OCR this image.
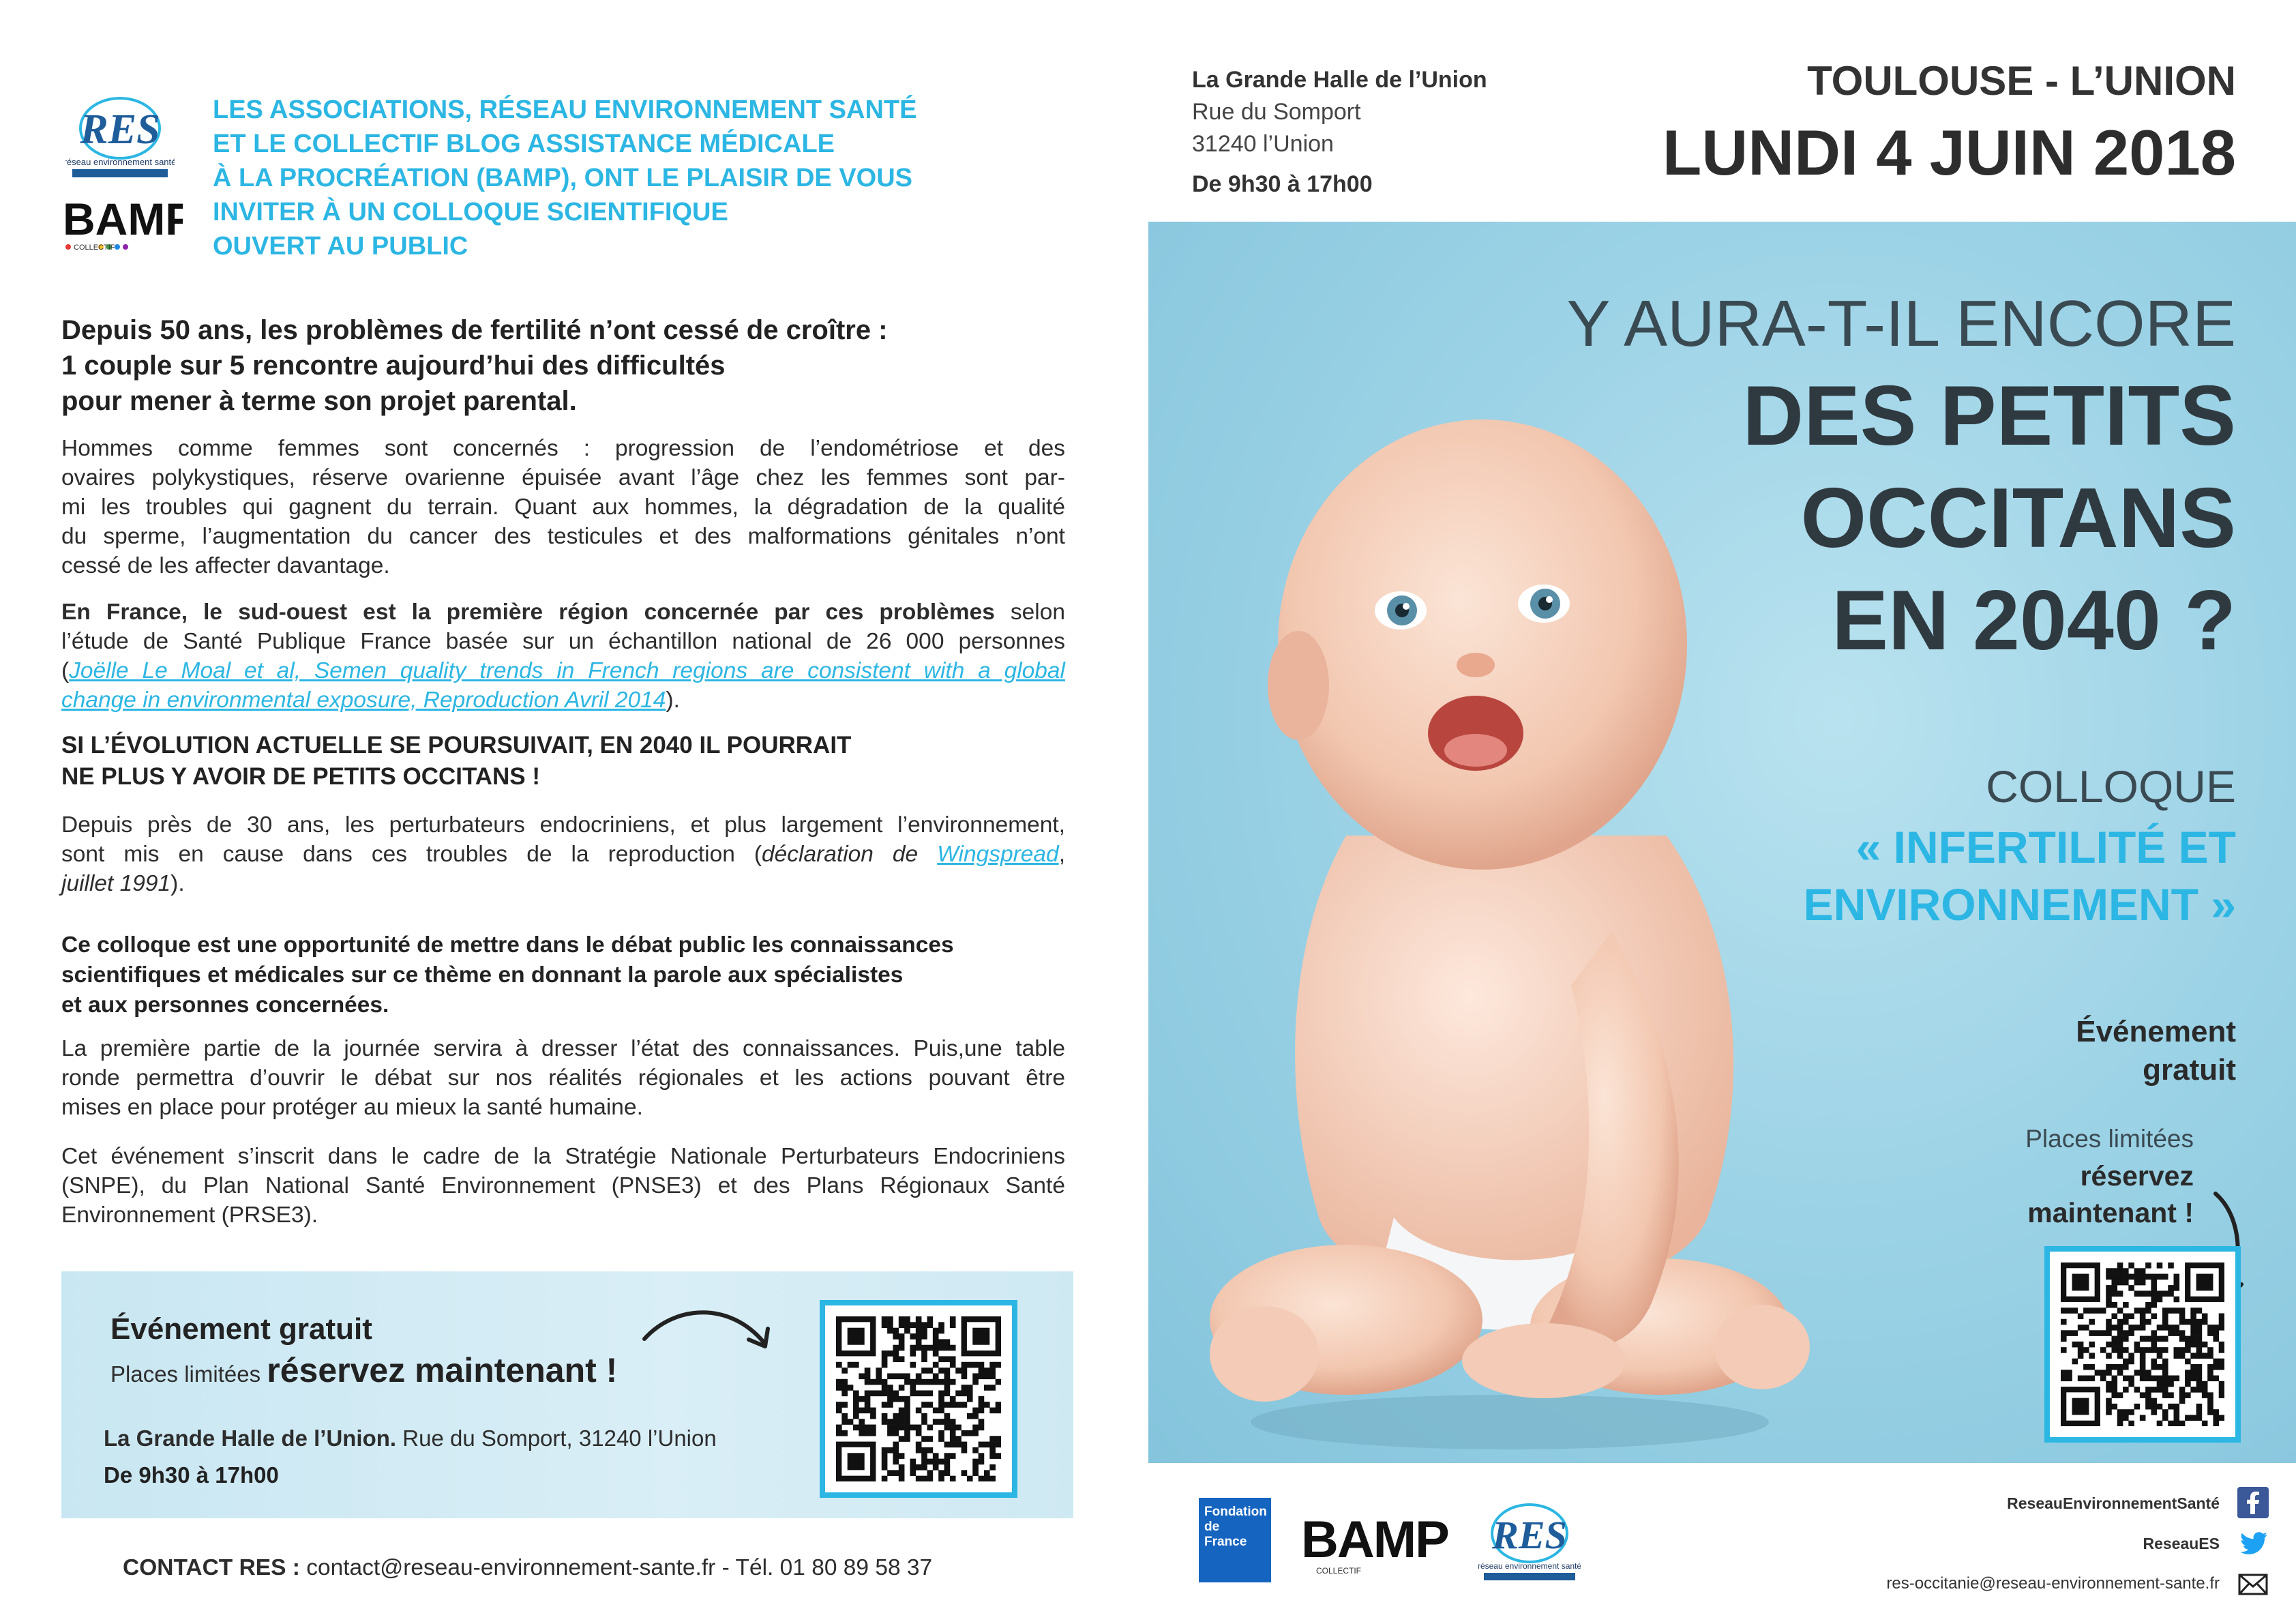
RES
réseau environnement santé
BAMP
COLLECTIF
LES ASSOCIATIONS, RÉSEAU ENVIRONNEMENT SANTÉ
ET LE COLLECTIF BLOG ASSISTANCE MÉDICALE
À LA PROCRÉATION (BAMP), ONT LE PLAISIR DE VOUS
INVITER À UN COLLOQUE SCIENTIFIQUE
OUVERT AU PUBLIC
Depuis 50 ans, les problèmes de fertilité n’ont cessé de croître :
1 couple sur 5 rencontre aujourd’hui des difficultés
pour mener à terme son projet parental.
Hommes comme femmes sont concernés : progression de l’endométriose et des
ovaires polykystiques, réserve ovarienne épuisée avant l’âge chez les femmes sont par-
mi les troubles qui gagnent du terrain. Quant aux hommes, la dégradation de la qualité
du sperme, l’augmentation du cancer des testicules et des malformations génitales n’ont
cessé de les affecter davantage.
En France, le sud-ouest est la première région concernée par ces problèmes selon
l’étude de Santé Publique France basée sur un échantillon national de 26 000 personnes
(Joëlle Le Moal et al, Semen quality trends in French regions are consistent with a global
change in environmental exposure, Reproduction Avril 2014).
SI L’ÉVOLUTION ACTUELLE SE POURSUIVAIT, EN 2040 IL POURRAIT
NE PLUS Y AVOIR DE PETITS OCCITANS !
Depuis près de 30 ans, les perturbateurs endocriniens, et plus largement l’environnement,
sont mis en cause dans ces troubles de la reproduction (déclaration de Wingspread,
juillet 1991).
Ce colloque est une opportunité de mettre dans le débat public les connaissances
scientifiques et médicales sur ce thème en donnant la parole aux spécialistes
et aux personnes concernées.
La première partie de la journée servira à dresser l’état des connaissances. Puis,une table
ronde permettra d’ouvrir le débat sur nos réalités régionales et les actions pouvant être
mises en place pour protéger au mieux la santé humaine.
Cet événement s’inscrit dans le cadre de la Stratégie Nationale Perturbateurs Endocriniens
(SNPE), du Plan National Santé Environnement (PNSE3) et des Plans Régionaux Santé
Environnement (PRSE3).
Événement gratuit
Places limitées réservez maintenant !
La Grande Halle de l’Union. Rue du Somport, 31240 l’Union
De 9h30 à 17h00
CONTACT RES : contact@reseau-environnement-sante.fr - Tél. 01 80 89 58 37
La Grande Halle de l’Union
Rue du Somport
31240 l’Union
De 9h30 à 17h00
TOULOUSE - L’UNION
LUNDI 4 JUIN 2018
Y AURA-T-IL ENCORE
DES PETITS
OCCITANS
EN 2040 ?
COLLOQUE
« INFERTILITÉ ET
ENVIRONNEMENT »
Événement
gratuit
Places limitées
réservez
maintenant !
Fondation
de
France	BAMP
COLLECTIF
RES
réseau environnement santé
ReseauEnvironnementSanté
ReseauES
res-occitanie@reseau-environnement-sante.fr
